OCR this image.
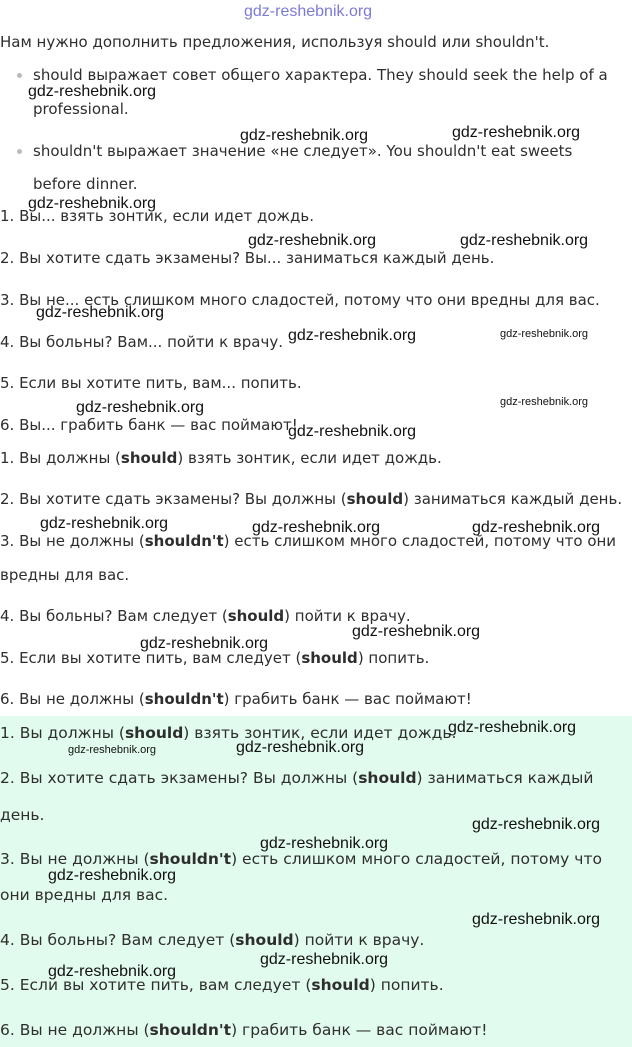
gdz-reshebnik.org
Нам нужно дополнить предложения, используя should или shouldn't.
should выражает совет общего характера. They should seek the help of a
professional.
shouldn't выражает значение «не следует». You shouldn't eat sweets
before dinner.
1. Вы... взять зонтик, если идет дождь.
2. Вы хотите сдать экзамены? Вы... заниматься каждый день.
3. Вы не... есть слишком много сладостей, потому что они вредны для вас.
4. Вы больны? Вам... пойти к врачу.
5. Если вы хотите пить, вам... попить.
6. Вы... грабить банк — вас поймают!
1. Вы должны (should) взять зонтик, если идет дождь.
2. Вы хотите сдать экзамены? Вы должны (should) заниматься каждый день.
3. Вы не должны (shouldn't) есть слишком много сладостей, потому что они
вредны для вас.
4. Вы больны? Вам следует (should) пойти к врачу.
5. Если вы хотите пить, вам следует (should) попить.
6. Вы не должны (shouldn't) грабить банк — вас поймают!
1. Вы должны (should) взять зонтик, если идет дождь.
2. Вы хотите сдать экзамены? Вы должны (should) заниматься каждый
день.
3. Вы не должны (shouldn't) есть слишком много сладостей, потому что
они вредны для вас.
4. Вы больны? Вам следует (should) пойти к врачу.
5. Если вы хотите пить, вам следует (should) попить.
6. Вы не должны (shouldn't) грабить банк — вас поймают!
gdz-reshebnik.org
gdz-reshebnik.org	gdz-reshebnik.org
gdz-reshebnik.org
gdz-reshebnik.org	gdz-reshebnik.org
gdz-reshebnik.org
gdz-reshebnik.org	gdz-reshebnik.org
gdz-reshebnik.org	gdz-reshebnik.org
gdz-reshebnik.org
gdz-reshebnik.org	gdz-reshebnik.org	gdz-reshebnik.org
gdz-reshebnik.org
gdz-reshebnik.org
gdz-reshebnik.org
gdz-reshebnik.org	gdz-reshebnik.org
gdz-reshebnik.org
gdz-reshebnik.org
gdz-reshebnik.org
gdz-reshebnik.org
gdz-reshebnik.org
gdz-reshebnik.org
